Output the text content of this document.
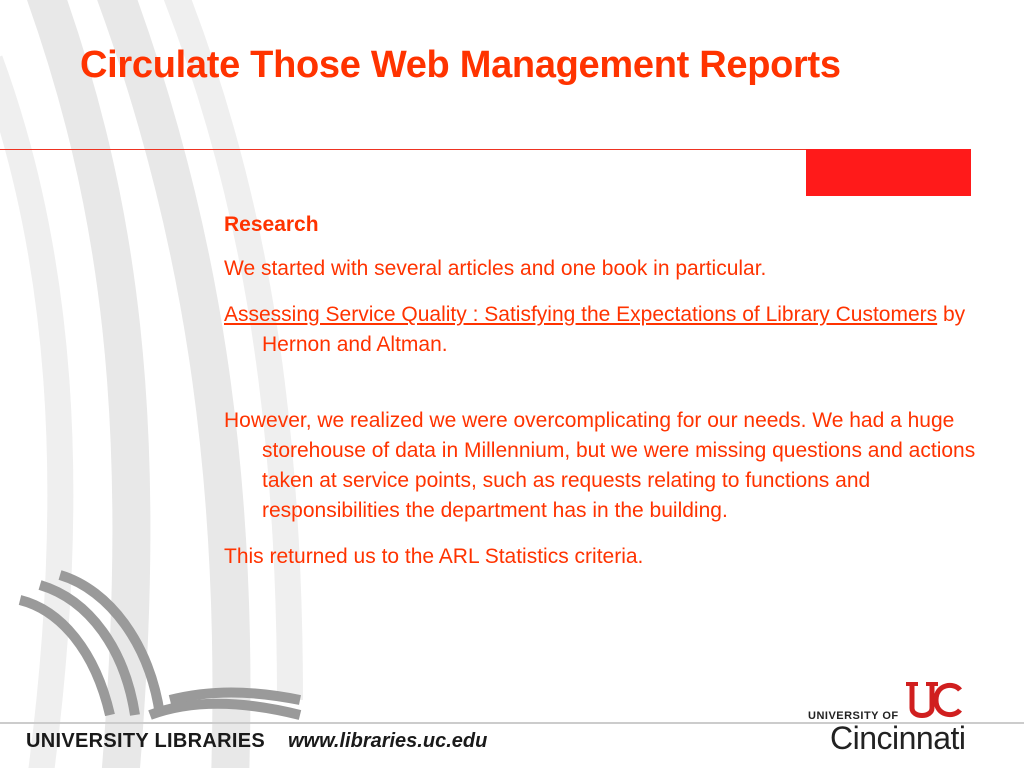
Circulate Those Web Management Reports

Research

We started with several articles and one book in particular.

Assessing Service Quality : Satisfying the Expectations of Library Customers by Hernon and Altman.

However, we realized we were overcomplicating for our needs. We had a huge storehouse of data in Millennium, but we were missing questions and actions taken at service points, such as requests relating to functions and responsibilities the department has in the building.

This returned us to the ARL Statistics criteria.

UNIVERSITY LIBRARIES www.libraries.uc.edu
UNIVERSITY OF
Cincinnati
